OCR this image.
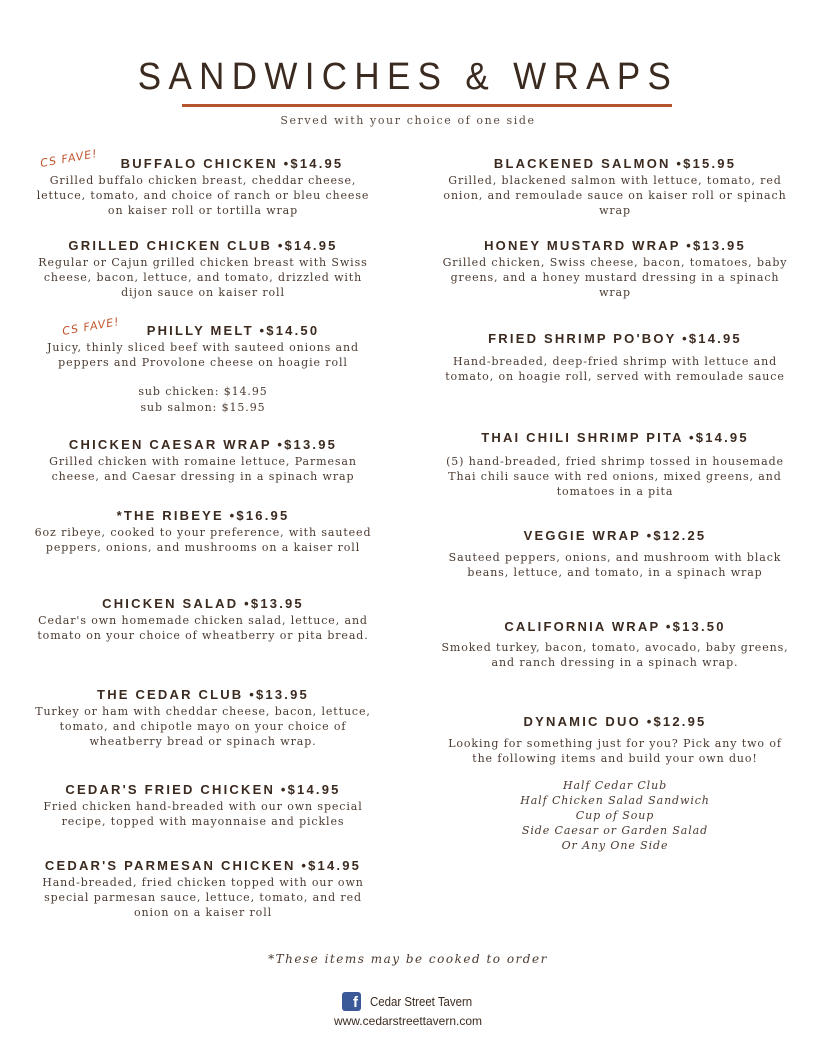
SANDWICHES & WRAPS
Served with your choice of one side
CS FAVE!	BUFFALO CHICKEN •$14.95
Grilled buffalo chicken breast, cheddar cheese, lettuce, tomato, and choice of ranch or bleu cheese on kaiser roll or tortilla wrap
GRILLED CHICKEN CLUB •$14.95
Regular or Cajun grilled chicken breast with Swiss cheese, bacon, lettuce, and tomato, drizzled with dijon sauce on kaiser roll
CS FAVE!	PHILLY MELT •$14.50
Juicy, thinly sliced beef with sauteed onions and peppers and Provolone cheese on hoagie roll
sub chicken: $14.95
sub salmon: $15.95
CHICKEN CAESAR WRAP •$13.95
Grilled chicken with romaine lettuce, Parmesan cheese, and Caesar dressing in a spinach wrap
*THE RIBEYE •$16.95
6oz ribeye, cooked to your preference, with sauteed peppers, onions, and mushrooms on a kaiser roll
CHICKEN SALAD •$13.95
Cedar's own homemade chicken salad, lettuce, and tomato on your choice of wheatberry or pita bread.
THE CEDAR CLUB •$13.95
Turkey or ham with cheddar cheese, bacon, lettuce, tomato, and chipotle mayo on your choice of wheatberry bread or spinach wrap.
CEDAR'S FRIED CHICKEN •$14.95
Fried chicken hand-breaded with our own special recipe, topped with mayonnaise and pickles
CEDAR'S PARMESAN CHICKEN •$14.95
Hand-breaded, fried chicken topped with our own special parmesan sauce, lettuce, tomato, and red onion on a kaiser roll
BLACKENED SALMON •$15.95
Grilled, blackened salmon with lettuce, tomato, red onion, and remoulade sauce on kaiser roll or spinach wrap
HONEY MUSTARD WRAP •$13.95
Grilled chicken, Swiss cheese, bacon, tomatoes, baby greens, and a honey mustard dressing in a spinach wrap
FRIED SHRIMP PO'BOY •$14.95
Hand-breaded, deep-fried shrimp with lettuce and tomato, on hoagie roll, served with remoulade sauce
THAI CHILI SHRIMP PITA •$14.95
(5) hand-breaded, fried shrimp tossed in housemade Thai chili sauce with red onions, mixed greens, and tomatoes in a pita
VEGGIE WRAP •$12.25
Sauteed peppers, onions, and mushroom with black beans, lettuce, and tomato, in a spinach wrap
CALIFORNIA WRAP •$13.50
Smoked turkey, bacon, tomato, avocado, baby greens, and ranch dressing in a spinach wrap.
DYNAMIC DUO •$12.95
Looking for something just for you? Pick any two of the following items and build your own duo!
Half Cedar Club
Half Chicken Salad Sandwich
Cup of Soup
Side Caesar or Garden Salad
Or Any One Side
*These items may be cooked to order
f Cedar Street Tavern
www.cedarstreettavern.com
